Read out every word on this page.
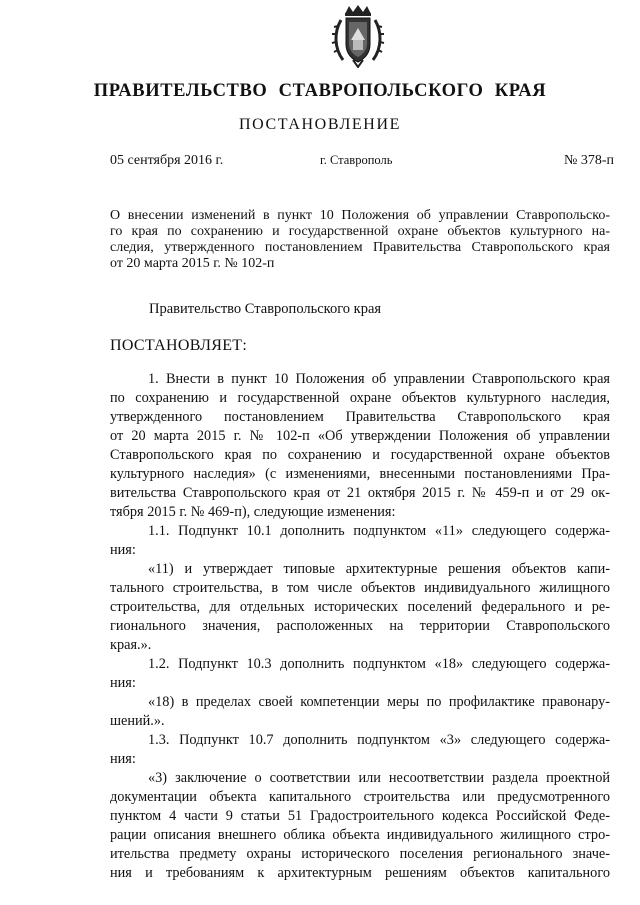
ПРАВИТЕЛЬСТВО СТАВРОПОЛЬСКОГО КРАЯ
ПОСТАНОВЛЕНИЕ
05 сентября 2016 г.	г. Ставрополь	№ 378-п
О внесении изменений в пункт 10 Положения об управлении Ставропольско-
го края по сохранению и государственной охране объектов культурного на-
следия, утвержденного постановлением Правительства Ставропольского края
от 20 марта 2015 г. № 102-п
Правительство Ставропольского края
ПОСТАНОВЛЯЕТ:
1. Внести в пункт 10 Положения об управлении Ставропольского края
по сохранению и государственной охране объектов культурного наследия,
утвержденного постановлением Правительства Ставропольского края
от 20 марта 2015 г. № 102-п «Об утверждении Положения об управлении
Ставропольского края по сохранению и государственной охране объектов
культурного наследия» (с изменениями, внесенными постановлениями Пра-
вительства Ставропольского края от 21 октября 2015 г. № 459-п и от 29 ок-
тября 2015 г. № 469-п), следующие изменения:
1.1. Подпункт 10.1 дополнить подпунктом «11» следующего содержа-
ния:
«11) и утверждает типовые архитектурные решения объектов капи-
тального строительства, в том числе объектов индивидуального жилищного
строительства, для отдельных исторических поселений федерального и ре-
гионального значения, расположенных на территории Ставропольского
края.».
1.2. Подпункт 10.3 дополнить подпунктом «18» следующего содержа-
ния:
«18) в пределах своей компетенции меры по профилактике правонару-
шений.».
1.3. Подпункт 10.7 дополнить подпунктом «3» следующего содержа-
ния:
«3) заключение о соответствии или несоответствии раздела проектной
документации объекта капитального строительства или предусмотренного
пунктом 4 части 9 статьи 51 Градостроительного кодекса Российской Феде-
рации описания внешнего облика объекта индивидуального жилищного стро-
ительства предмету охраны исторического поселения регионального значе-
ния и требованиям к архитектурным решениям объектов капитального
